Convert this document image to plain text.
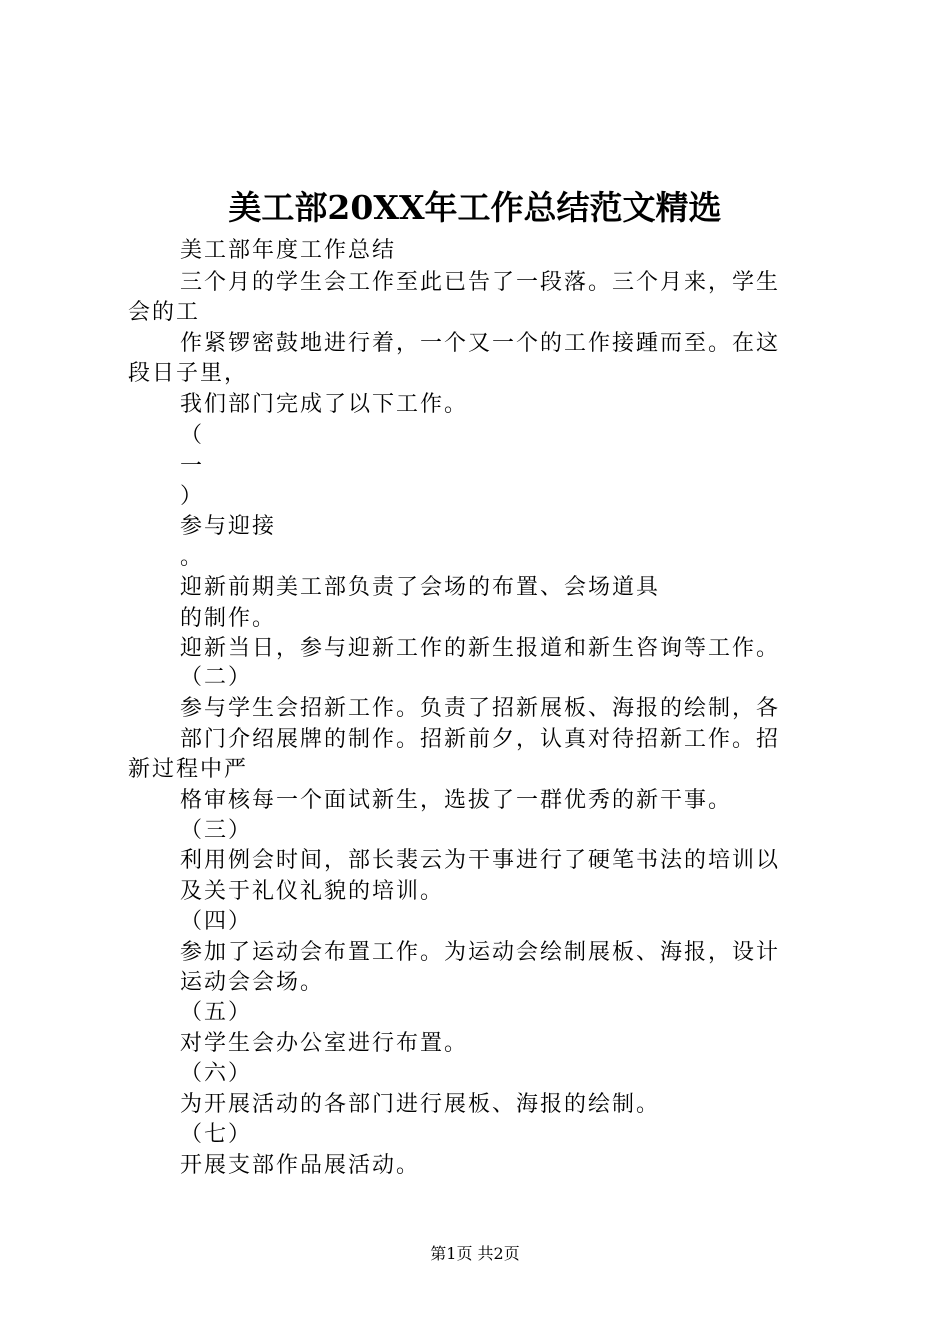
美工部20XX年工作总结范文精选
美工部年度工作总结
三个月的学生会工作至此已告了一段落。三个月来，学生
会的工
作紧锣密鼓地进行着，一个又一个的工作接踵而至。在这
段日子里，
我们部门完成了以下工作。
（
一
）
参与迎接
。
迎新前期美工部负责了会场的布置、会场道具
的制作。
迎新当日，参与迎新工作的新生报道和新生咨询等工作。
（二）
参与学生会招新工作。负责了招新展板、海报的绘制，各
部门介绍展牌的制作。招新前夕，认真对待招新工作。招
新过程中严
格审核每一个面试新生，选拔了一群优秀的新干事。
（三）
利用例会时间，部长裴云为干事进行了硬笔书法的培训以
及关于礼仪礼貌的培训。
（四）
参加了运动会布置工作。为运动会绘制展板、海报，设计
运动会会场。
（五）
对学生会办公室进行布置。
（六）
为开展活动的各部门进行展板、海报的绘制。
（七）
开展支部作品展活动。
第1页 共2页
